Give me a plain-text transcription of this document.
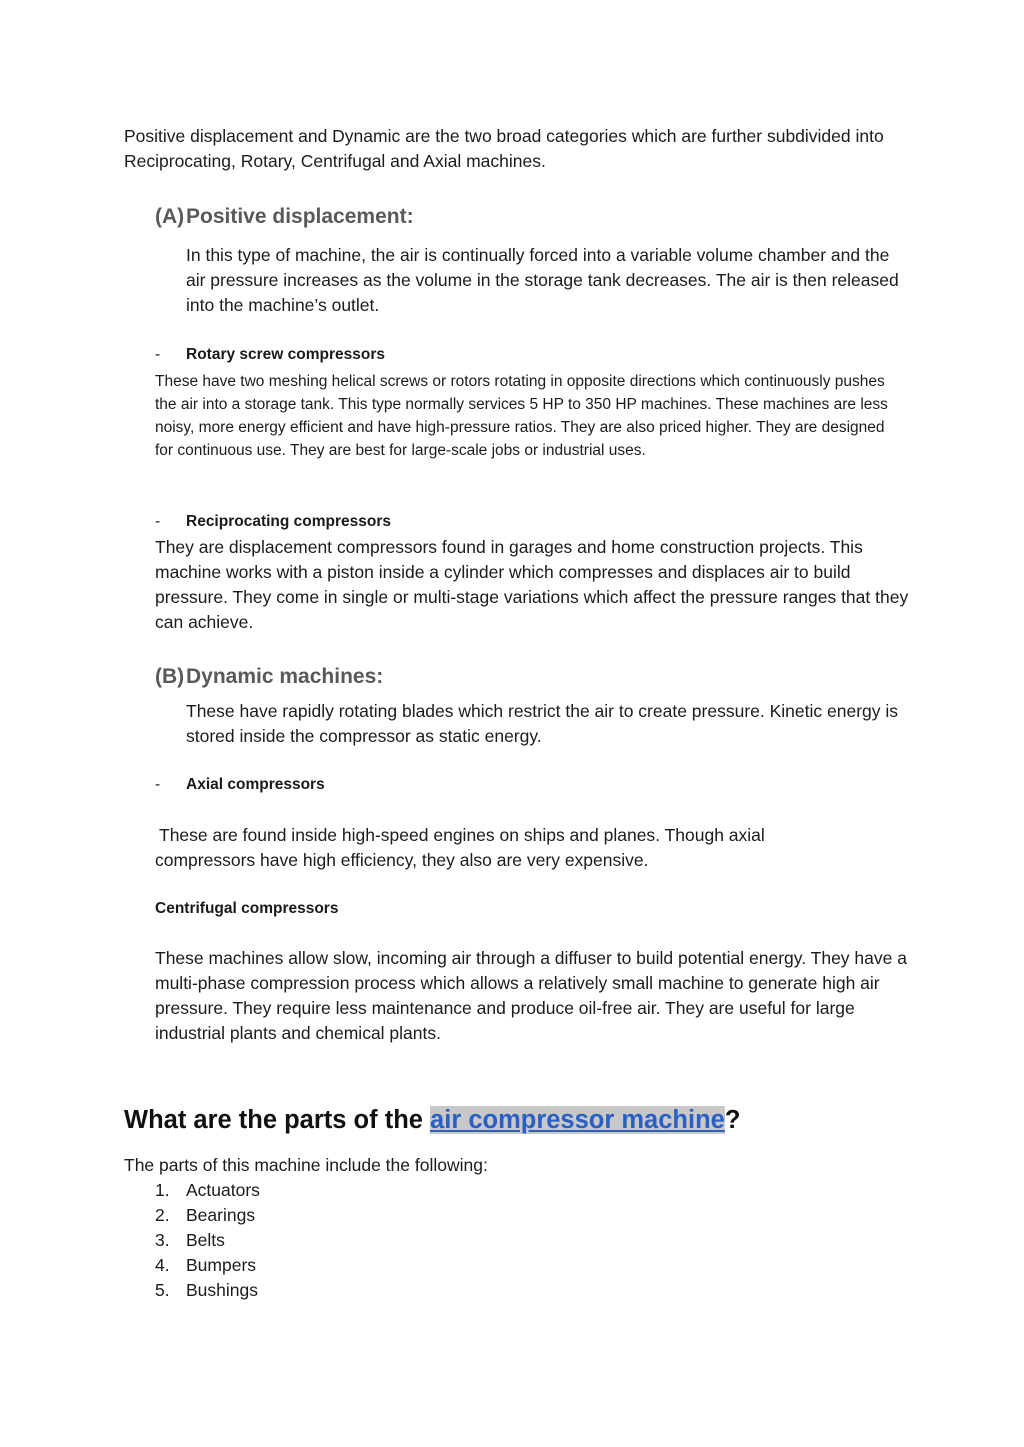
Positive displacement and Dynamic are the two broad categories which are further subdivided into Reciprocating, Rotary, Centrifugal and Axial machines.

(A) Positive displacement:

In this type of machine, the air is continually forced into a variable volume chamber and the air pressure increases as the volume in the storage tank decreases. The air is then released into the machine’s outlet.

-	Rotary screw compressors

These have two meshing helical screws or rotors rotating in opposite directions which continuously pushes the air into a storage tank. This type normally services 5 HP to 350 HP machines. These machines are less noisy, more energy efficient and have high-pressure ratios. They are also priced higher. They are designed for continuous use. They are best for large-scale jobs or industrial uses.

-	Reciprocating compressors

They are displacement compressors found in garages and home construction projects. This machine works with a piston inside a cylinder which compresses and displaces air to build pressure. They come in single or multi-stage variations which affect the pressure ranges that they can achieve.

(B) Dynamic machines:

These have rapidly rotating blades which restrict the air to create pressure. Kinetic energy is stored inside the compressor as static energy.

-	Axial compressors

These are found inside high-speed engines on ships and planes. Though axial compressors have high efficiency, they also are very expensive.

Centrifugal compressors

These machines allow slow, incoming air through a diffuser to build potential energy. They have a multi-phase compression process which allows a relatively small machine to generate high air pressure. They require less maintenance and produce oil-free air. They are useful for large industrial plants and chemical plants.

What are the parts of the air compressor machine?

The parts of this machine include the following:

1. Actuators
2. Bearings
3. Belts
4. Bumpers
5. Bushings
